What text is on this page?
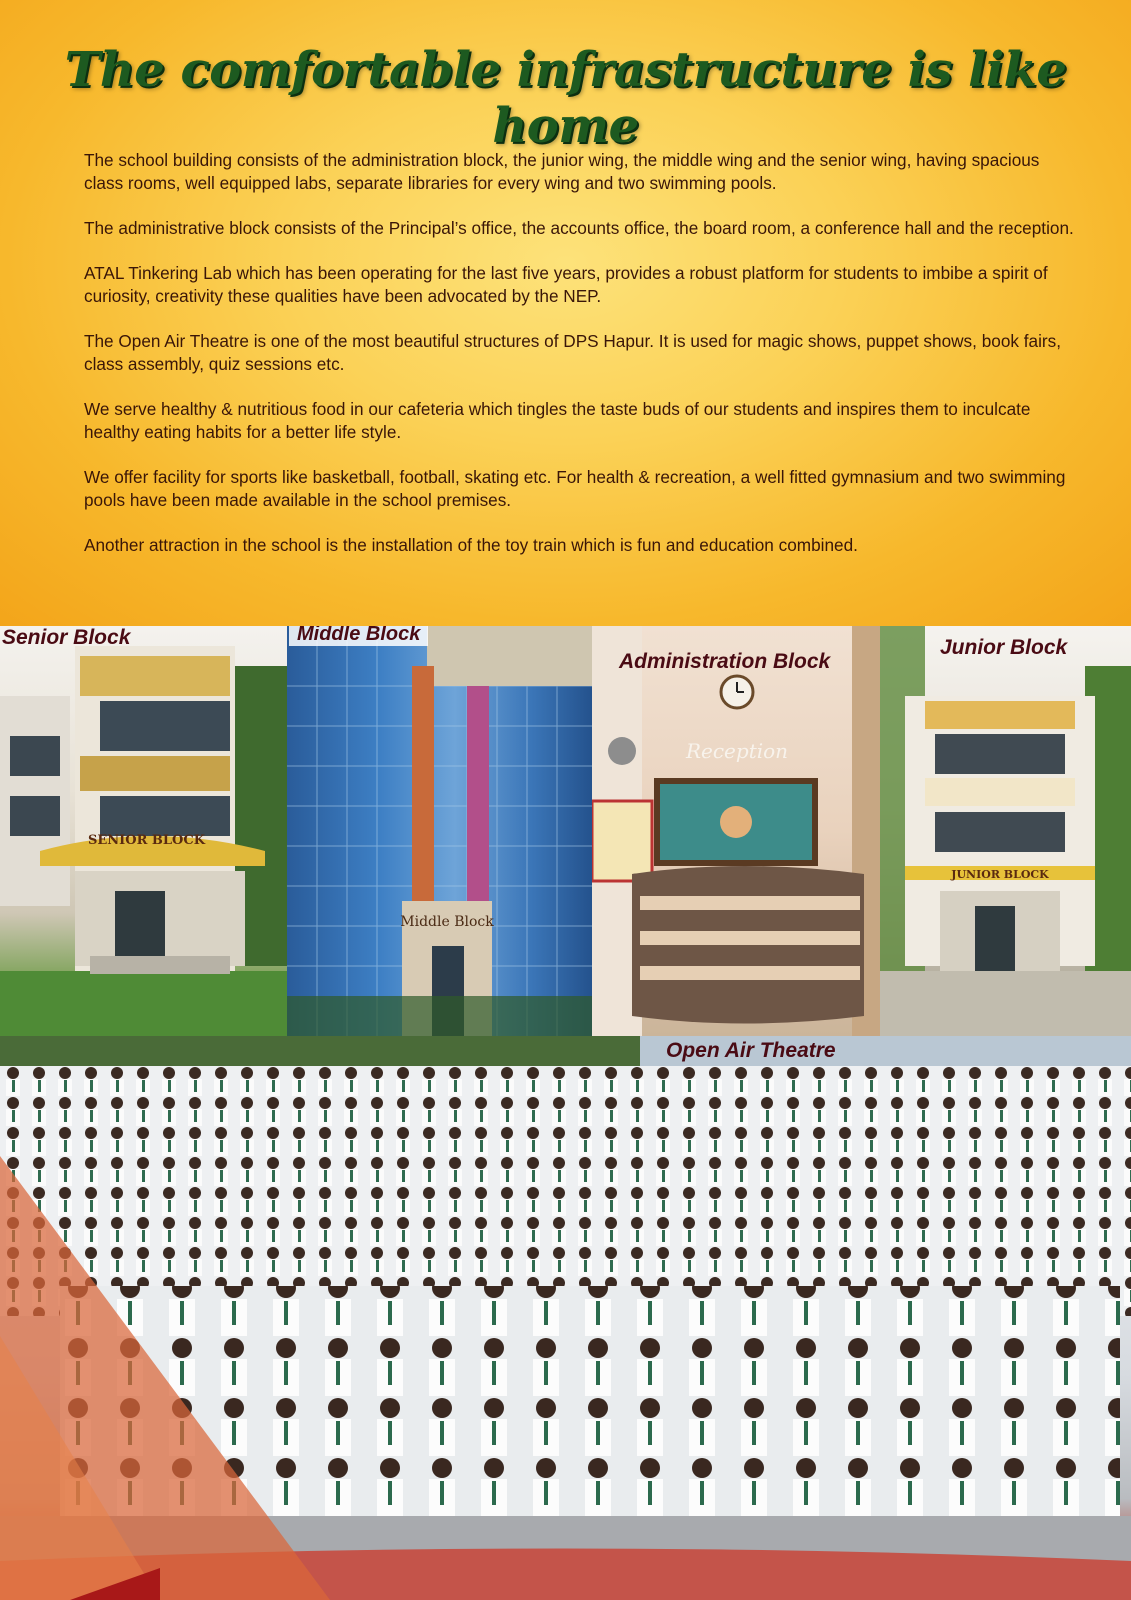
The comfortable infrastructure is like home

The school building consists of the administration block, the junior wing, the middle wing and the senior wing, having spacious class rooms, well equipped labs, separate libraries for every wing and two swimming pools.

The administrative block consists of the Principal’s office, the accounts office, the board room, a conference hall and the reception.

ATAL Tinkering Lab which has been operating for the last five years, provides a robust platform for students to imbibe a spirit of curiosity, creativity these qualities have been advocated by the NEP.

The Open Air Theatre is one of the most beautiful structures of DPS Hapur. It is used for magic shows, puppet shows, book fairs, class assembly, quiz sessions etc.

We serve healthy & nutritious food in our cafeteria which tingles the taste buds of our students and inspires them to inculcate healthy eating habits for a better life style.

We offer facility for sports like basketball, football, skating etc. For health & recreation, a well fitted gymnasium and two swimming pools have been made available in the school premises.

Another attraction in the school is the installation of the toy train which is fun and education combined.

SENIOR BLOCK
Senior Block
Middle Block
Middle Block
Reception
Administration Block
JUNIOR BLOCK
Junior Block
Open Air Theatre
